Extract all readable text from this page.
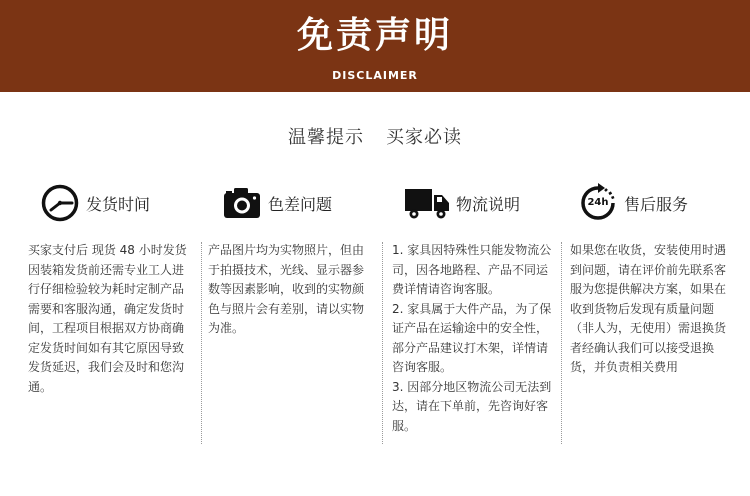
免责声明
DISCLAIMER
温馨提示 买家必读
发货时间

买家支付后 现货 48 小时发货 因装箱发货前还需专业工人进行仔细检验较为耗时定制产品需要和客服沟通，确定发货时间，工程项目根据双方协商确定发货时间如有其它原因导致发货延迟，我们会及时和您沟通。

色差问题

产品图片均为实物照片，但由于拍摄技术，光线、显示器参数等因素影响，收到的实物颜色与照片会有差别，请以实物为准。

物流说明

1. 家具因特殊性只能发物流公司，因各地路程、产品不同运费详情请咨询客服。

2. 家具属于大件产品，为了保证产品在运输途中的安全性，部分产品建议打木架，详情请咨询客服。

3. 因部分地区物流公司无法到达，请在下单前，先咨询好客服。

24h 售后服务

如果您在收货，安装使用时遇到问题，请在评价前先联系客服为您提供解决方案，如果在收到货物后发现有质量问题（非人为，无使用）需退换货者经确认我们可以接受退换货，并负责相关费用
